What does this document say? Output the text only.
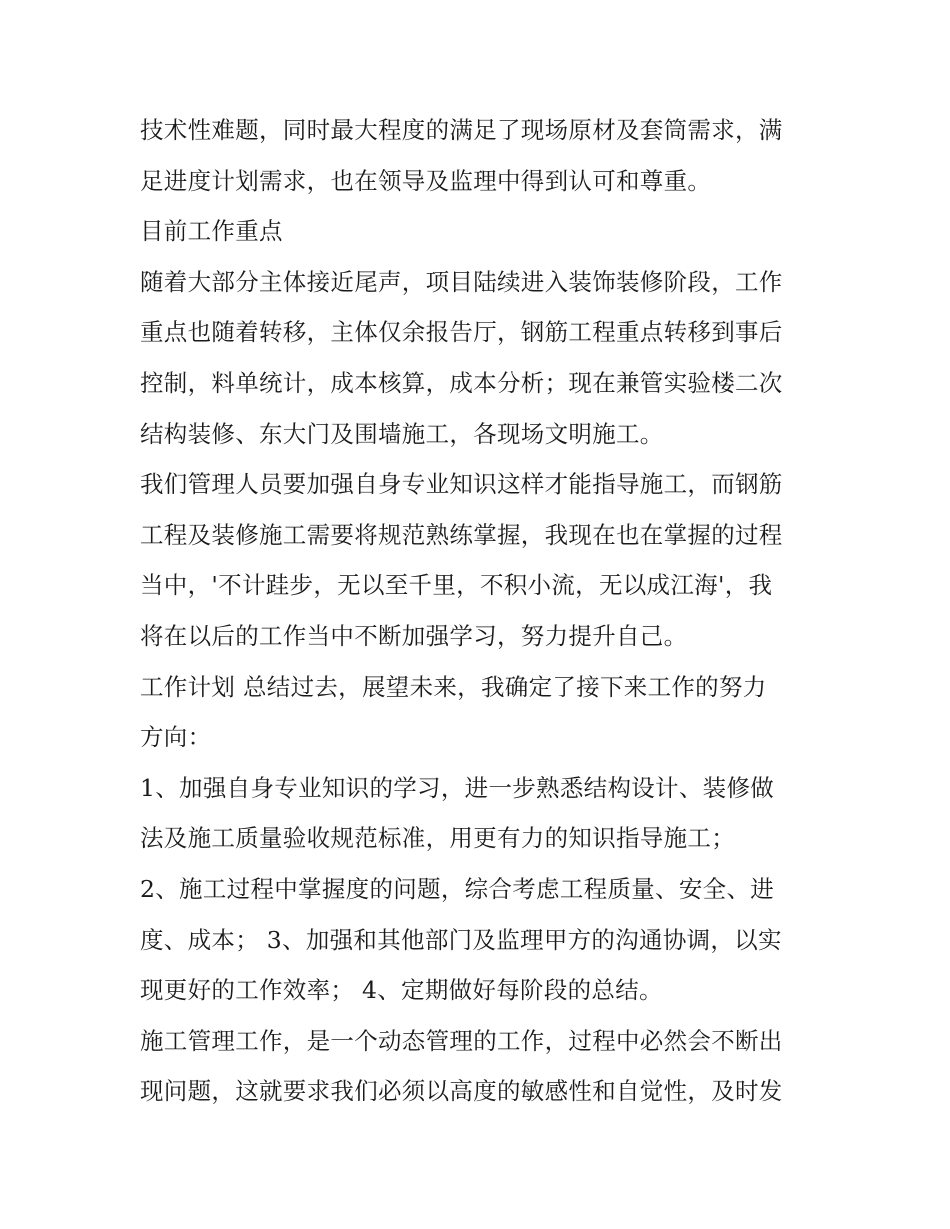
技术性难题，同时最大程度的满足了现场原材及套筒需求，满
足进度计划需求，也在领导及监理中得到认可和尊重。

目前工作重点

随着大部分主体接近尾声，项目陆续进入装饰装修阶段，工作
重点也随着转移，主体仅余报告厅，钢筋工程重点转移到事后
控制，料单统计，成本核算，成本分析；现在兼管实验楼二次
结构装修、东大门及围墙施工，各现场文明施工。

我们管理人员要加强自身专业知识这样才能指导施工，而钢筋
工程及装修施工需要将规范熟练掌握，我现在也在掌握的过程
当中，'不计跬步，无以至千里，不积小流，无以成江海'，我
将在以后的工作当中不断加强学习，努力提升自己。

工作计划 总结过去，展望未来，我确定了接下来工作的努力
方向：

1、加强自身专业知识的学习，进一步熟悉结构设计、装修做
法及施工质量验收规范标准，用更有力的知识指导施工；

2、施工过程中掌握度的问题，综合考虑工程质量、安全、进
度、成本； 3、加强和其他部门及监理甲方的沟通协调，以实
现更好的工作效率； 4、定期做好每阶段的总结。

施工管理工作，是一个动态管理的工作，过程中必然会不断出
现问题，这就要求我们必须以高度的敏感性和自觉性，及时发
